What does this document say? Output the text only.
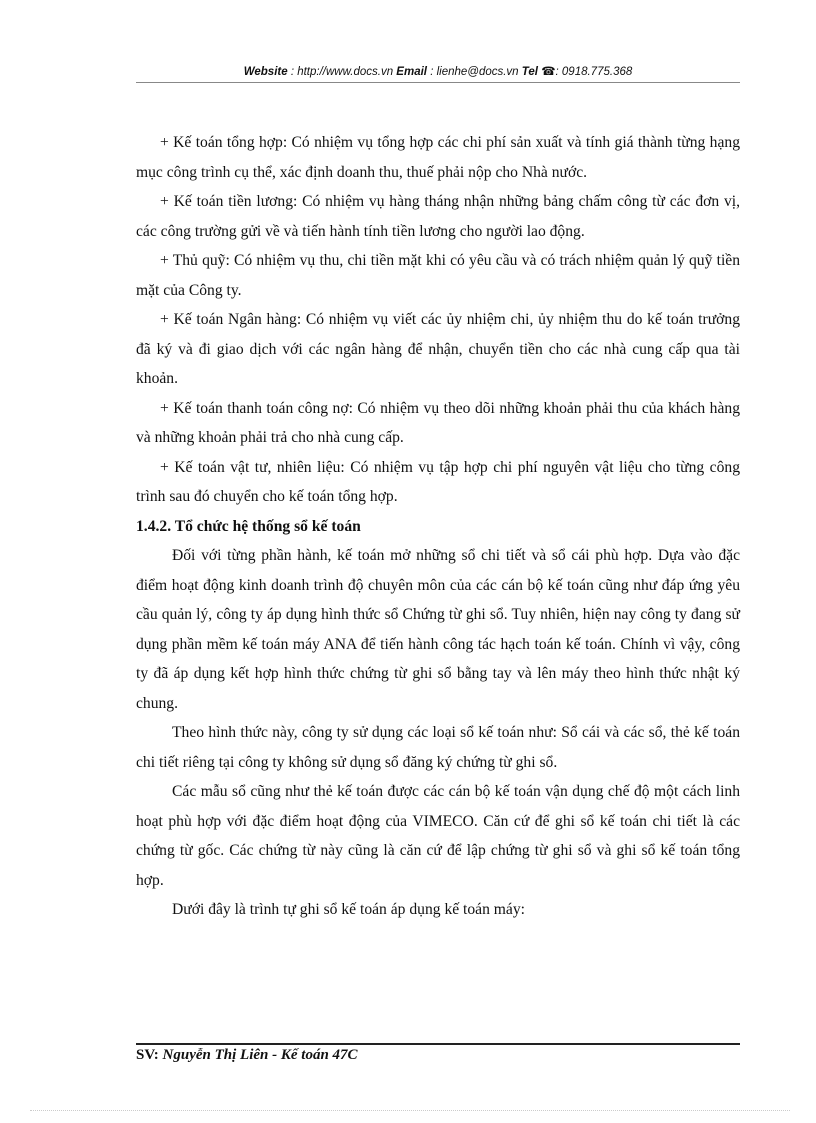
Website : http://www.docs.vn Email : lienhe@docs.vn Tel ☎: 0918.775.368

+ Kế toán tổng hợp: Có nhiệm vụ tổng hợp các chi phí sản xuất và tính giá thành từng hạng mục công trình cụ thể, xác định doanh thu, thuế phải nộp cho Nhà nước.

+ Kế toán tiền lương: Có nhiệm vụ hàng tháng nhận những bảng chấm công từ các đơn vị, các công trường gửi về và tiến hành tính tiền lương cho người lao động.

+ Thủ quỹ: Có nhiệm vụ thu, chi tiền mặt khi có yêu cầu và có trách nhiệm quản lý quỹ tiền mặt của Công ty.

+ Kế toán Ngân hàng: Có nhiệm vụ viết các ủy nhiệm chi, ủy nhiệm thu do kế toán trưởng đã ký và đi giao dịch với các ngân hàng để nhận, chuyển tiền cho các nhà cung cấp qua tài khoản.

+ Kế toán thanh toán công nợ: Có nhiệm vụ theo dõi những khoản phải thu của khách hàng và những khoản phải trả cho nhà cung cấp.

+ Kế toán vật tư, nhiên liệu: Có nhiệm vụ tập hợp chi phí nguyên vật liệu cho từng công trình sau đó chuyển cho kế toán tổng hợp.

1.4.2. Tổ chức hệ thống sổ kế toán

Đối với từng phần hành, kế toán mở những sổ chi tiết và sổ cái phù hợp. Dựa vào đặc điểm hoạt động kinh doanh trình độ chuyên môn của các cán bộ kế toán cũng như đáp ứng yêu cầu quản lý, công ty áp dụng hình thức sổ Chứng từ ghi sổ. Tuy nhiên, hiện nay công ty đang sử dụng phần mềm kế toán máy ANA để tiến hành công tác hạch toán kế toán. Chính vì vậy, công ty đã áp dụng kết hợp hình thức chứng từ ghi sổ bằng tay và lên máy theo hình thức nhật ký chung.

Theo hình thức này, công ty sử dụng các loại sổ kế toán như: Sổ cái và các sổ, thẻ kế toán chi tiết riêng tại công ty không sử dụng sổ đăng ký chứng từ ghi sổ.

Các mẫu sổ cũng như thẻ kế toán được các cán bộ kế toán vận dụng chế độ một cách linh hoạt phù hợp với đặc điểm hoạt động của VIMECO. Căn cứ để ghi sổ kế toán chi tiết là các chứng từ gốc. Các chứng từ này cũng là căn cứ để lập chứng từ ghi sổ và ghi sổ kế toán tổng hợp.

Dưới đây là trình tự ghi sổ kế toán áp dụng kế toán máy:

SV: Nguyễn Thị Liên - Kế toán 47C
